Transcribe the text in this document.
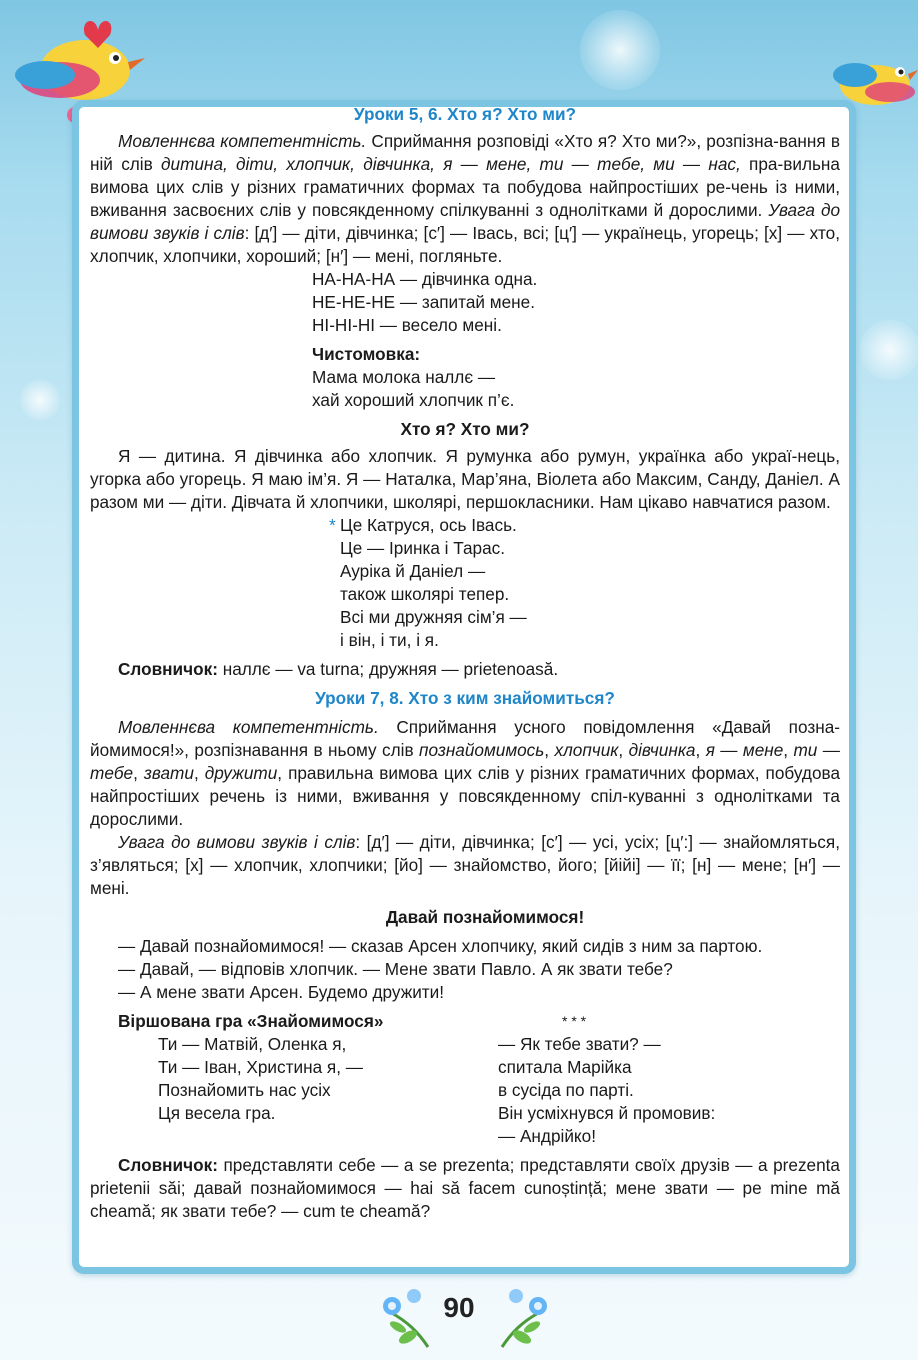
Уроки 5, 6. Хто я? Хто ми?

Мовленнєва компетентність. Сприймання розповіді «Хто я? Хто ми?», розпізна-вання в ній слів дитина, діти, хлопчик, дівчинка, я — мене, ти — тебе, ми — нас, пра-вильна вимова цих слів у різних граматичних формах та побудова найпростіших ре-чень із ними, вживання засвоєних слів у повсякденному спілкуванні з однолітками й дорослими. Увага до вимови звуків і слів: [д′] — діти, дівчинка; [с′] — Івась, всі; [ц′] — українець, угорець; [х] — хто, хлопчик, хлопчики, хороший; [н′] — мені, погляньте.

НА-НА-НА — дівчинка одна.

НЕ-НЕ-НЕ — запитай мене.

НІ-НІ-НІ — весело мені.

Чистомовка:

Мама молока наллє —

хай хороший хлопчик п’є.

Хто я? Хто ми?

Я — дитина. Я дівчинка або хлопчик. Я румунка або румун, українка або украї-нець, угорка або угорець. Я маю ім’я. Я — Наталка, Мар’яна, Віолета або Максим, Санду, Даніел. А разом ми — діти. Дівчата й хлопчики, школярі, першокласники. Нам цікаво навчатися разом.

* Це Катруся, ось Івась.

Це — Іринка і Тарас.

Ауріка й Даніел —

також школярі тепер.

Всі ми дружняя сім’я —

і він, і ти, і я.

Словничок: наллє — va turna; дружняя — prietenoasă.

Уроки 7, 8. Хто з ким знайомиться?

Мовленнєва компетентність. Сприймання усного повідомлення «Давай позна-йомимося!», розпізнавання в ньому слів познайомимось, хлопчик, дівчинка, я — мене, ти — тебе, звати, дружити, правильна вимова цих слів у різних граматичних формах, побудова найпростіших речень із ними, вживання у повсякденному спіл-куванні з однолітками та дорослими.

Увага до вимови звуків і слів: [д′] — діти, дівчинка; [с′] — усі, усіх; [ц′:] — знайомляться, з’являться; [х] — хлопчик, хлопчики; [йо] — знайомство, його; [йійі] — її; [н] — мене; [н′] — мені.

Давай познайомимося!

— Давай познайомимося! — сказав Арсен хлопчику, який сидів з ним за партою.

— Давай, — відповів хлопчик. — Мене звати Павло. А як звати тебе?

— А мене звати Арсен. Будемо дружити!

Віршована гра «Знайомимося»

Ти — Матвій, Оленка я,

Ти — Іван, Христина я, —

Познайомить нас усіх

Ця весела гра.

* * *

— Як тебе звати? —

спитала Марійка

в сусіда по парті.

Він усміхнувся й промовив:

— Андрійко!

Словничок: представляти себе — a se prezenta; представляти своїх друзів — a prezenta prietenii săi; давай познайомимося — hai să facem cunoștință; мене звати — pe mine mă cheamă; як звати тебе? — cum te cheamă?

90
